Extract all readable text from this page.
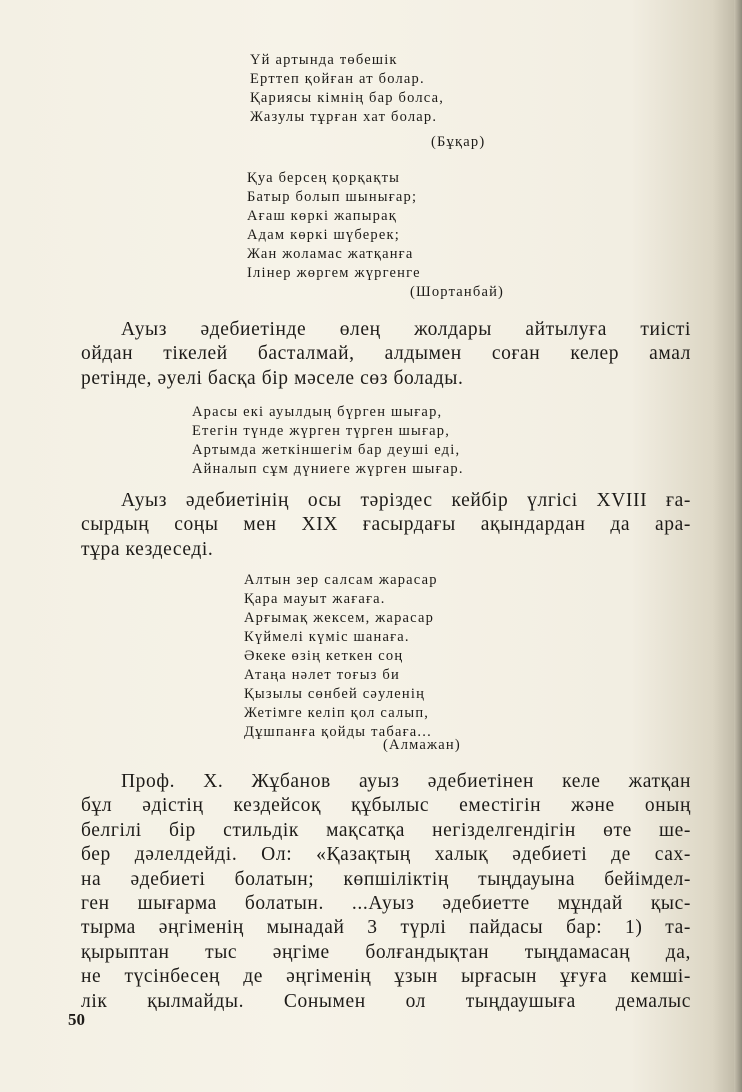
Үй артында төбешік
Ерттеп қойған ат болар.
Қариясы кімнің бар болса,
Жазулы тұрған хат болар.
(Бұқар)
Қуа берсең қорқақты
Батыр болып шынығар;
Ағаш көркі жапырақ
Адам көркі шүберек;
Жан жоламас жатқанға
Ілінер жөргем жүргенге
(Шортанбай)
Ауыз әдебиетінде өлең жолдары айтылуға тиісті
ойдан тікелей басталмай, алдымен соған келер амал
ретінде, әуелі басқа бір мәселе сөз болады.
Арасы екі ауылдың бүрген шығар,
Етегін түнде жүрген түрген шығар,
Артымда жеткіншегім бар деуші еді,
Айналып сұм дүниеге жүрген шығар.
Ауыз әдебиетінің осы тәріздес кейбір үлгісі XVIII ға-
сырдың соңы мен XIX ғасырдағы ақындардан да ара-
тұра кездеседі.
Алтын зер салсам жарасар
Қара мауыт жағаға.
Арғымақ жексем, жарасар
Күймелі күміс шанаға.
Әкеке өзің кеткен соң
Атаңа нәлет тоғыз би
Қызылы сөнбей сәуленің
Жетімге келіп қол салып,
Дұшпанға қойды табаға...
(Алмажан)
Проф. Х. Жұбанов ауыз әдебиетінен келе жатқан
бұл әдістің кездейсоқ құбылыс еместігін және оның
белгілі бір стильдік мақсатқа негізделгендігін өте ше-
бер дәлелдейді. Ол: «Қазақтың халық әдебиеті де сах-
на әдебиеті болатын; көпшіліктің тыңдауына бейімдел-
ген шығарма болатын. ...Ауыз әдебиетте мұндай қыс-
тырма әңгіменің мынадай 3 түрлі пайдасы бар: 1) та-
қырыптан тыс әңгіме болғандықтан тыңдамасаң да,
не түсінбесең де әңгіменің ұзын ырғасын ұғуға кемші-
лік қылмайды. Сонымен ол тыңдаушыға демалыс
50
